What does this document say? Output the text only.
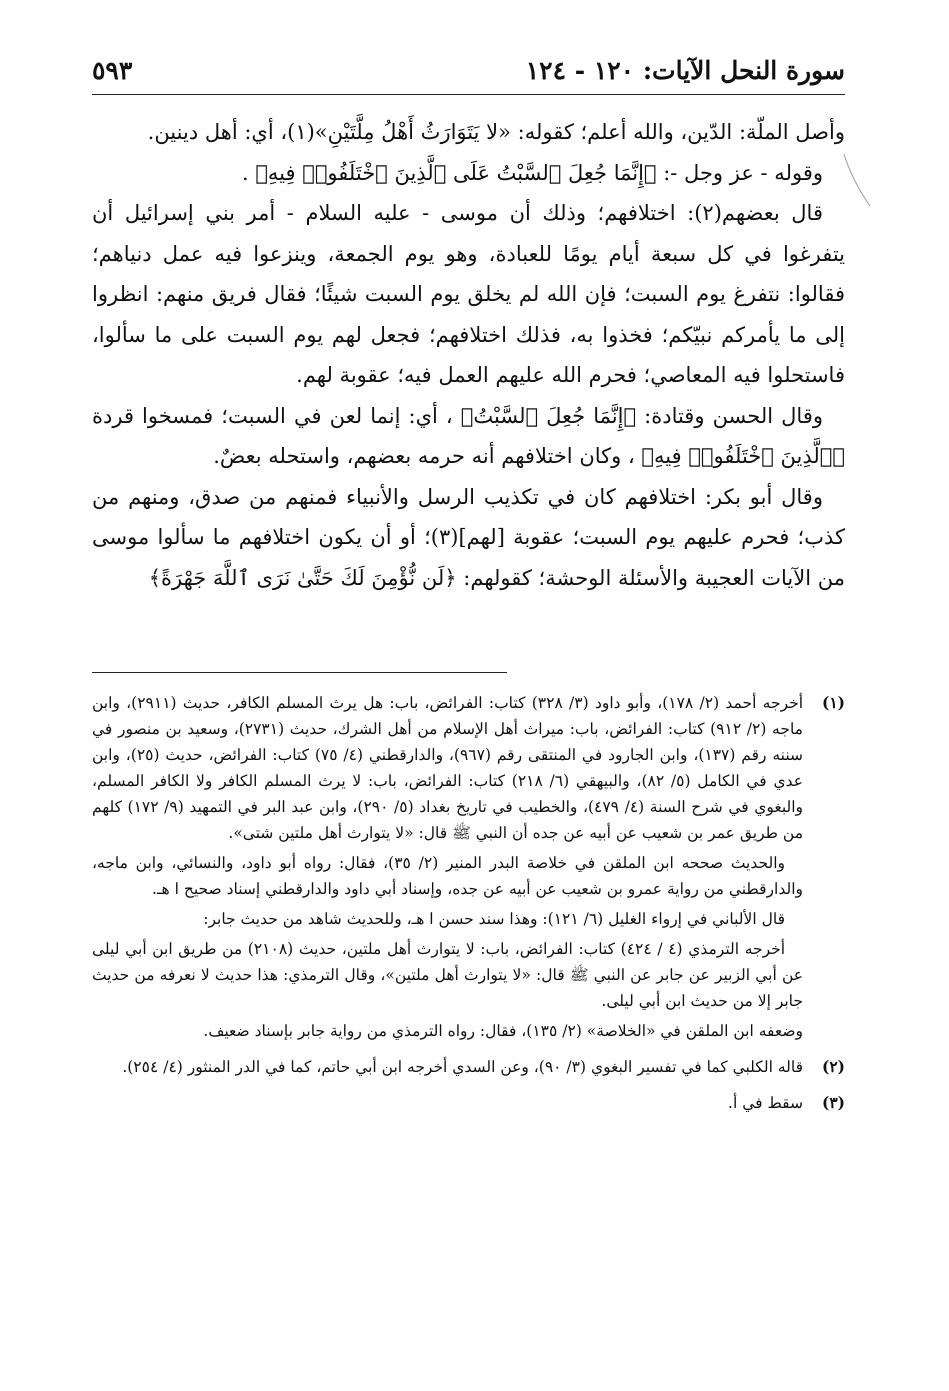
سورة النحل الآيات: ١٢٠ - ١٢٤
٥٩٣

وأصل الملّة: الدّين، والله أعلم؛ كقوله: «لا يَتَوَارَثُ أَهْلُ مِلَّتَيْنِ»(١)، أي: أهل دينين.

وقوله - عز وجل -: ﴿إِنَّمَا جُعِلَ ٱلسَّبْتُ عَلَى ٱلَّذِينَ ٱخْتَلَفُوا۟ فِيهِ﴾ .

قال بعضهم(٢): اختلافهم؛ وذلك أن موسى - عليه السلام - أمر بني إسرائيل أن يتفرغوا في كل سبعة أيام يومًا للعبادة، وهو يوم الجمعة، وينزعوا فيه عمل دنياهم؛ فقالوا: نتفرغ يوم السبت؛ فإن الله لم يخلق يوم السبت شيئًا؛ فقال فريق منهم: انظروا إلى ما يأمركم نبيّكم؛ فخذوا به، فذلك اختلافهم؛ فجعل لهم يوم السبت على ما سألوا، فاستحلوا فيه المعاصي؛ فحرم الله عليهم العمل فيه؛ عقوبة لهم.

وقال الحسن وقتادة: ﴿إِنَّمَا جُعِلَ ٱلسَّبْتُ﴾ ، أي: إنما لعن في السبت؛ فمسخوا قردة ﴿ٱلَّذِينَ ٱخْتَلَفُوا۟ فِيهِ﴾ ، وكان اختلافهم أنه حرمه بعضهم، واستحله بعضٌ.

وقال أبو بكر: اختلافهم كان في تكذيب الرسل والأنبياء فمنهم من صدق، ومنهم من كذب؛ فحرم عليهم يوم السبت؛ عقوبة [لهم](٣)؛ أو أن يكون اختلافهم ما سألوا موسى من الآيات العجيبة والأسئلة الوحشة؛ كقولهم: ﴿لَن نُّؤْمِنَ لَكَ حَتَّىٰ نَرَى ٱللَّهَ جَهْرَةً﴾

(١)

أخرجه أحمد (٢/ ١٧٨)، وأبو داود (٣/ ٣٢٨) كتاب: الفرائض، باب: هل يرث المسلم الكافر، حديث (٢٩١١)، وابن ماجه (٢/ ٩١٢) كتاب: الفرائض، باب: ميراث أهل الإسلام من أهل الشرك، حديث (٢٧٣١)، وسعيد بن منصور في سننه رقم (١٣٧)، وابن الجارود في المنتقى رقم (٩٦٧)، والدارقطني (٤/ ٧٥) كتاب: الفرائض، حديث (٢٥)، وابن عدي في الكامل (٥/ ٨٢)، والبيهقي (٦/ ٢١٨) كتاب: الفرائض، باب: لا يرث المسلم الكافر ولا الكافر المسلم، والبغوي في شرح السنة (٤/ ٤٧٩)، والخطيب في تاريخ بغداد (٥/ ٢٩٠)، وابن عبد البر في التمهيد (٩/ ١٧٢) كلهم من طريق عمر بن شعيب عن أبيه عن جده أن النبي ﷺ قال: «لا يتوارث أهل ملتين شتى».

والحديث صححه ابن الملقن في خلاصة البدر المنير (٢/ ٣٥)، فقال: رواه أبو داود، والنسائي، وابن ماجه، والدارقطني من رواية عمرو بن شعيب عن أبيه عن جده، وإسناد أبي داود والدارقطني إسناد صحيح ا هـ.

قال الألباني في إرواء الغليل (٦/ ١٢١): وهذا سند حسن ا هـ، وللحديث شاهد من حديث جابر:

أخرجه الترمذي (٤ / ٤٢٤) كتاب: الفرائض، باب: لا يتوارث أهل ملتين، حديث (٢١٠٨) من طريق ابن أبي ليلى عن أبي الزبير عن جابر عن النبي ﷺ قال: «لا يتوارث أهل ملتين»، وقال الترمذي: هذا حديث لا نعرفه من حديث جابر إلا من حديث ابن أبي ليلى.

وضعفه ابن الملقن في «الخلاصة» (٢/ ١٣٥)، فقال: رواه الترمذي من رواية جابر بإسناد ضعيف.

(٢)

قاله الكلبي كما في تفسير البغوي (٣/ ٩٠)، وعن السدي أخرجه ابن أبي حاتم، كما في الدر المنثور (٤/ ٢٥٤).

(٣)

سقط في أ.
